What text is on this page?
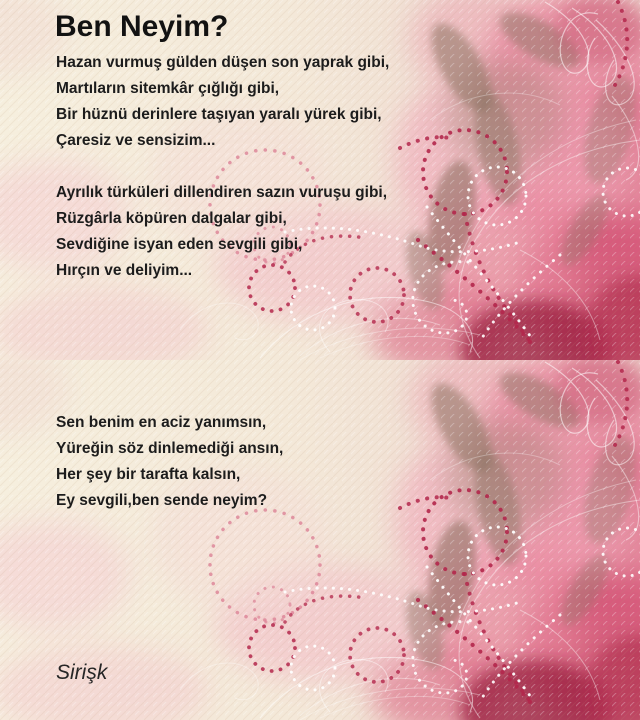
Ben Neyim?
Hazan vurmuş gülden düşen son yaprak gibi,
Martıların sitemkâr çığlığı gibi,
Bir hüznü derinlere taşıyan yaralı yürek gibi,
Çaresiz ve sensizim...
Ayrılık türküleri dillendiren sazın vuruşu gibi,
Rüzgârla köpüren dalgalar gibi,
Sevdiğine isyan eden sevgili gibi,
Hırçın ve deliyim...
Sen benim en aciz yanımsın,
Yüreğin söz dinlemediği ansın,
Her şey bir tarafta kalsın,
Ey sevgili,ben sende neyim?
Sirişk
